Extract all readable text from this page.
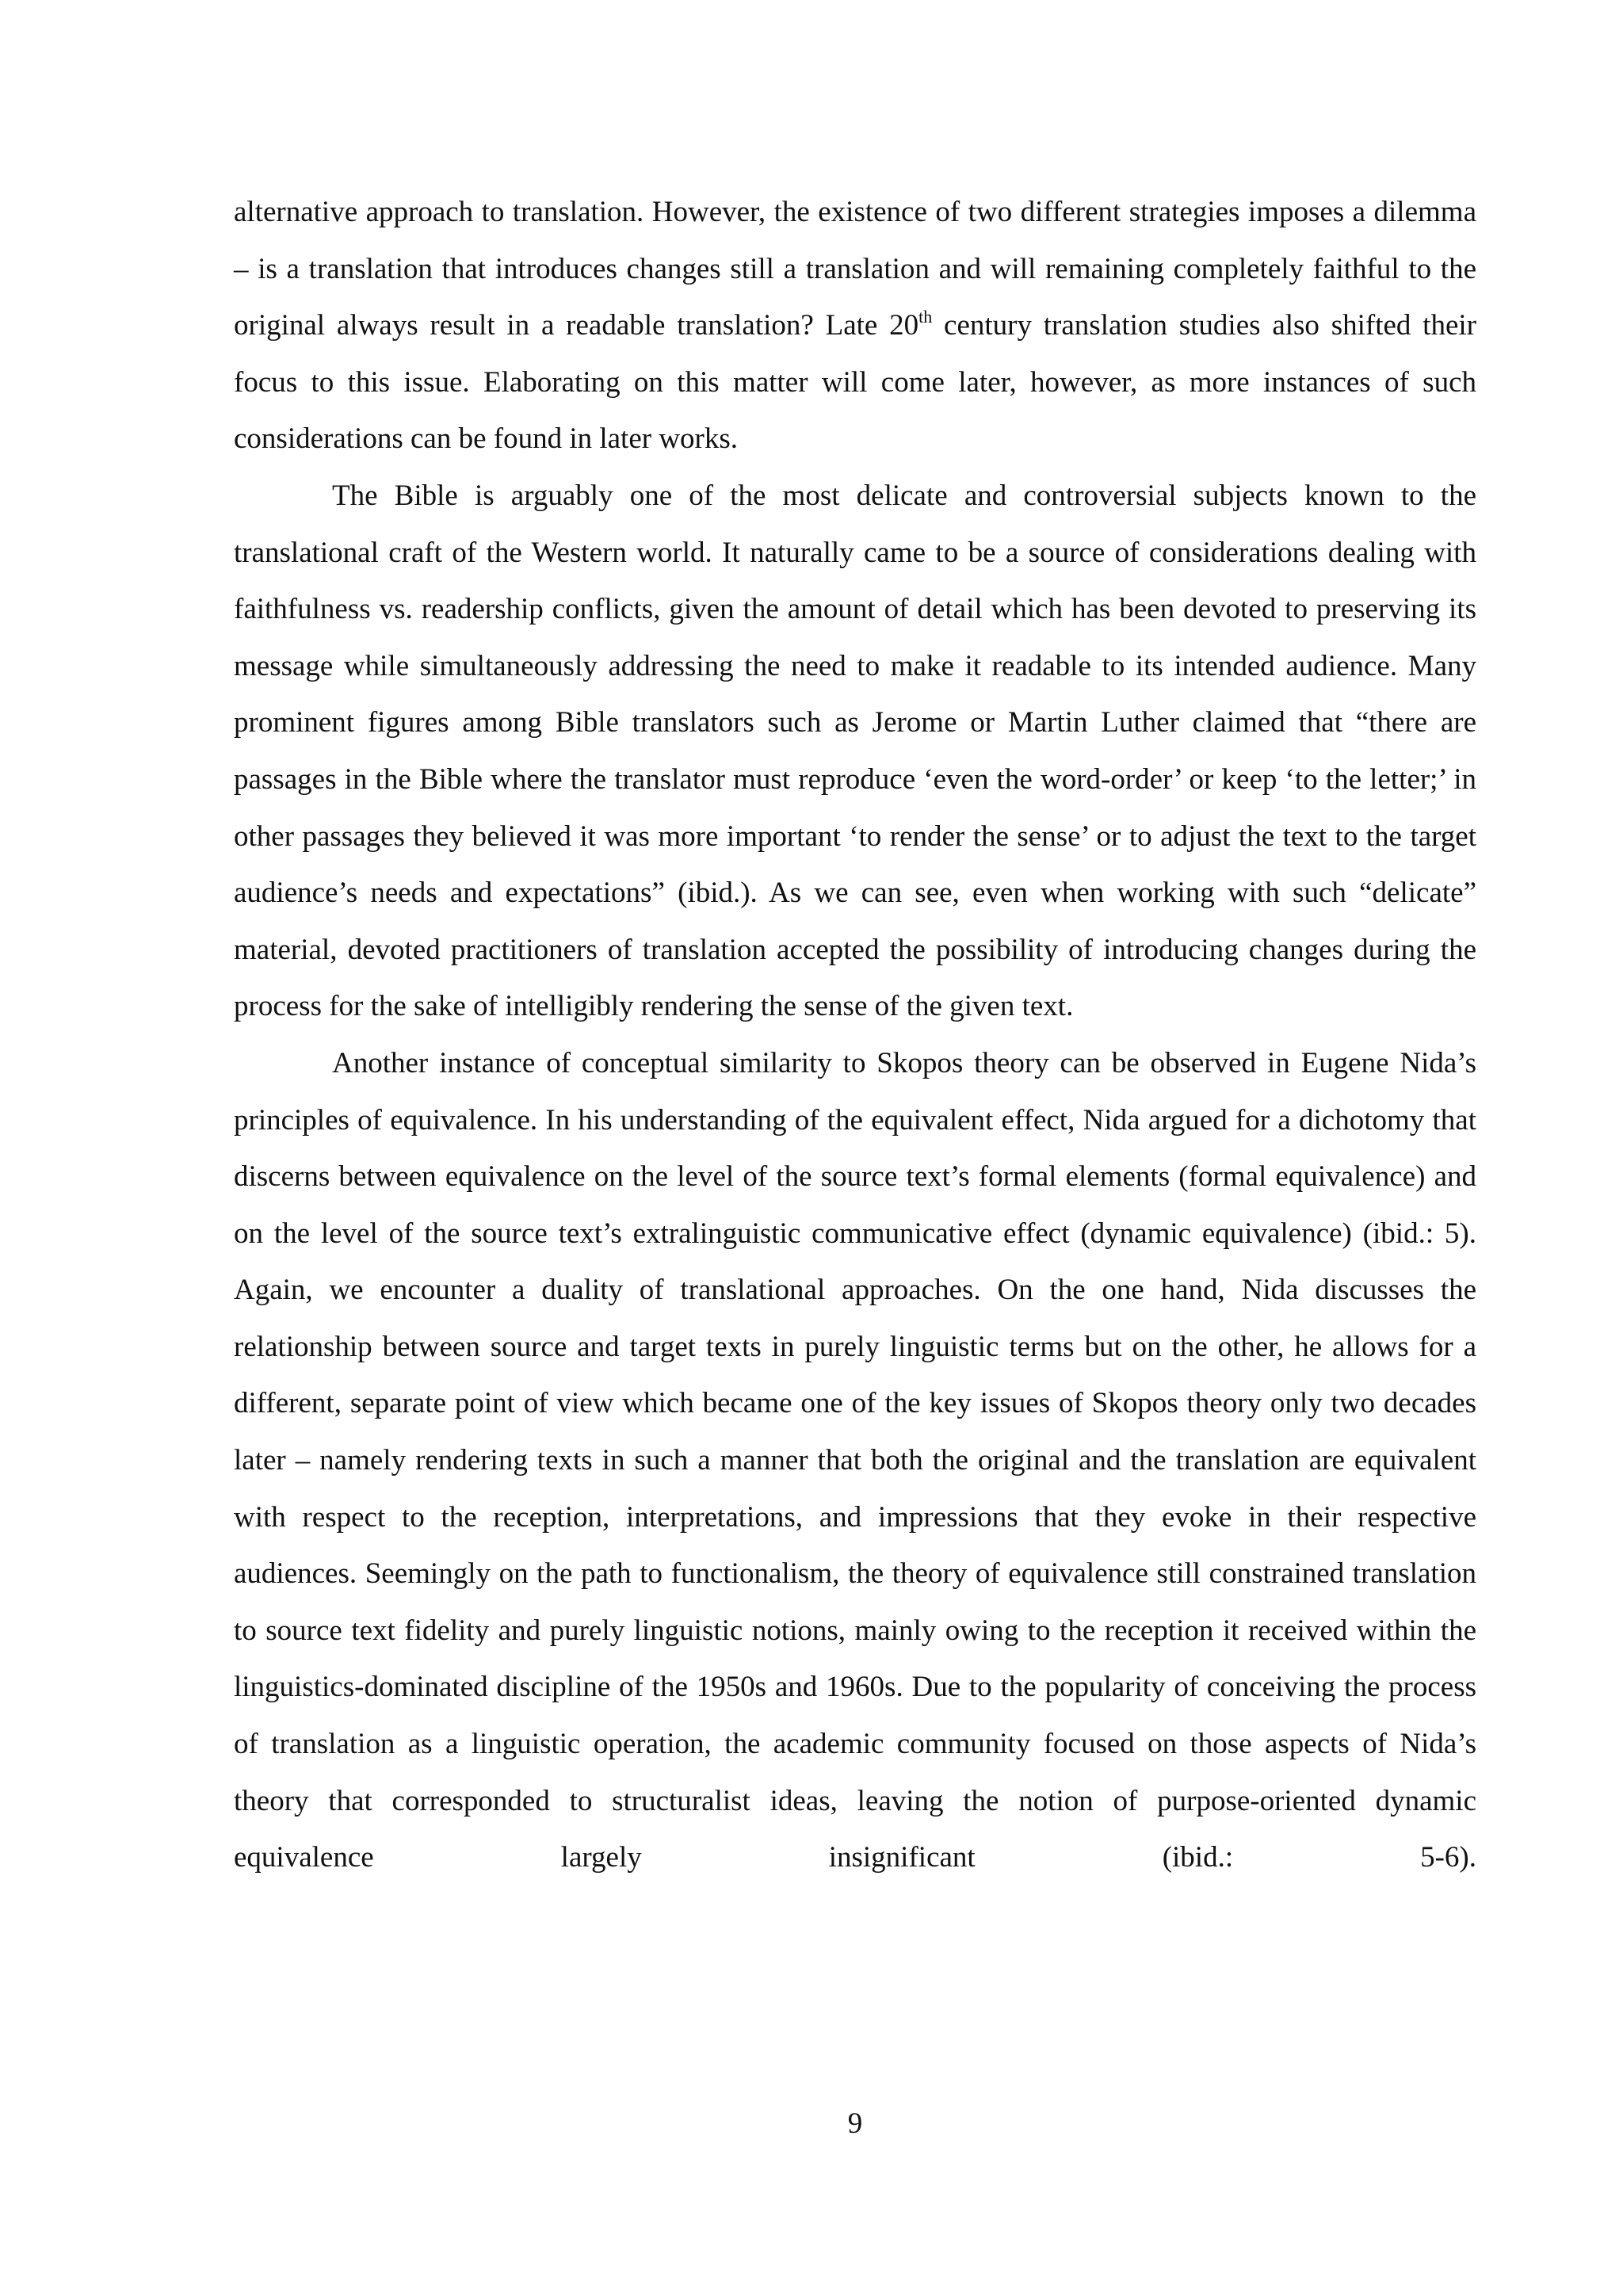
alternative approach to translation. However, the existence of two different strategies imposes a dilemma – is a translation that introduces changes still a translation and will remaining completely faithful to the original always result in a readable translation? Late 20th century translation studies also shifted their focus to this issue. Elaborating on this matter will come later, however, as more instances of such considerations can be found in later works.

The Bible is arguably one of the most delicate and controversial subjects known to the translational craft of the Western world. It naturally came to be a source of considerations dealing with faithfulness vs. readership conflicts, given the amount of detail which has been devoted to preserving its message while simultaneously addressing the need to make it readable to its intended audience. Many prominent figures among Bible translators such as Jerome or Martin Luther claimed that “there are passages in the Bible where the translator must reproduce ‘even the word-order’ or keep ‘to the letter;’ in other passages they believed it was more important ‘to render the sense’ or to adjust the text to the target audience’s needs and expectations” (ibid.). As we can see, even when working with such “delicate” material, devoted practitioners of translation accepted the possibility of introducing changes during the process for the sake of intelligibly rendering the sense of the given text.

Another instance of conceptual similarity to Skopos theory can be observed in Eugene Nida’s principles of equivalence. In his understanding of the equivalent effect, Nida argued for a dichotomy that discerns between equivalence on the level of the source text’s formal elements (formal equivalence) and on the level of the source text’s extralinguistic communicative effect (dynamic equivalence) (ibid.: 5). Again, we encounter a duality of translational approaches. On the one hand, Nida discusses the relationship between source and target texts in purely linguistic terms but on the other, he allows for a different, separate point of view which became one of the key issues of Skopos theory only two decades later – namely rendering texts in such a manner that both the original and the translation are equivalent with respect to the reception, interpretations, and impressions that they evoke in their respective audiences. Seemingly on the path to functionalism, the theory of equivalence still constrained translation to source text fidelity and purely linguistic notions, mainly owing to the reception it received within the linguistics-dominated discipline of the 1950s and 1960s. Due to the popularity of conceiving the process of translation as a linguistic operation, the academic community focused on those aspects of Nida’s theory that corresponded to structuralist ideas, leaving the notion of purpose-oriented dynamic equivalence largely insignificant (ibid.: 5-6).

9
